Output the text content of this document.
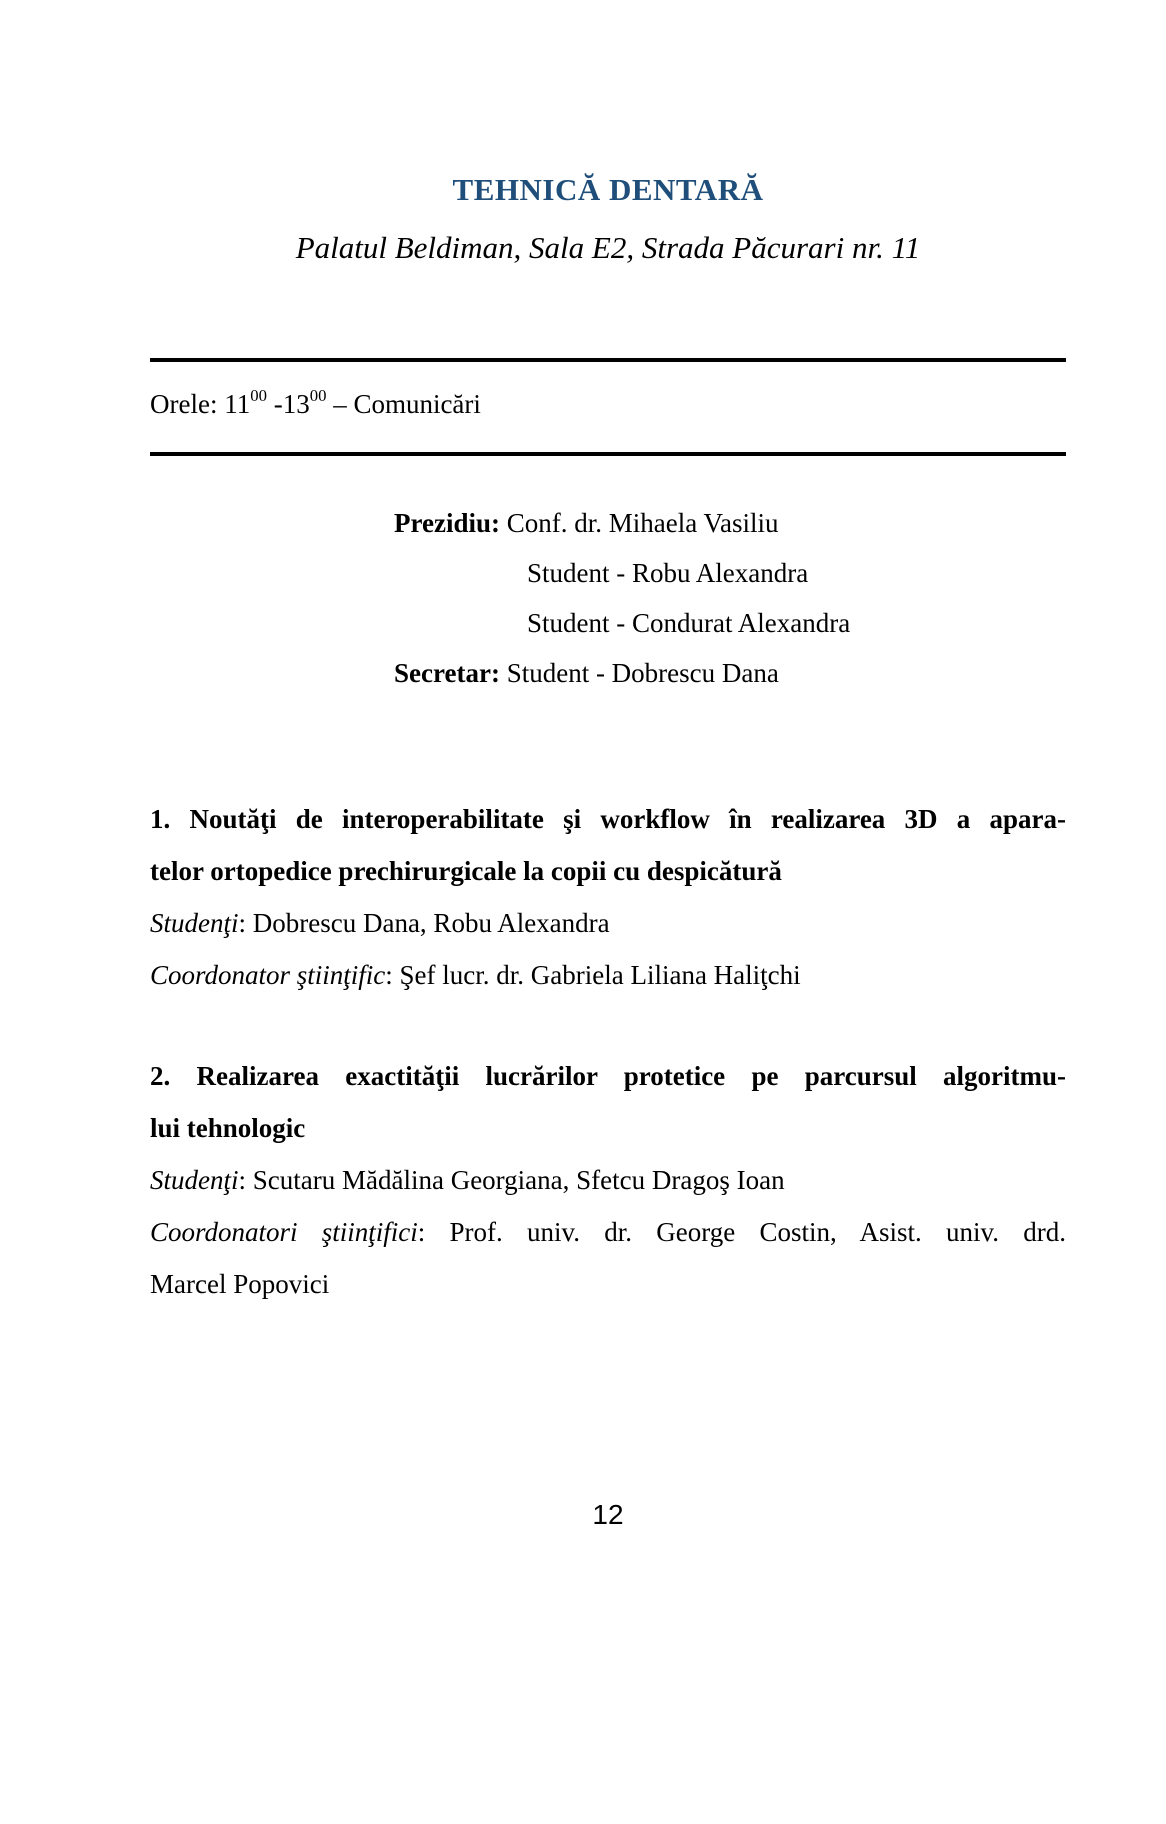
TEHNICĂ DENTARĂ
Palatul Beldiman, Sala E2, Strada Păcurari nr. 11
Orele: $11^{00}$ $-13^{00}$ – Comunicări
Prezidiu: Conf. dr. Mihaela Vasiliu
Student - Robu Alexandra
Student - Condurat Alexandra
Secretar: Student - Dobrescu Dana
1. Noutăţi de interoperabilitate şi workflow în realizarea 3D a apara-
telor ortopedice prechirurgicale la copii cu despicătură
Studenţi: Dobrescu Dana, Robu Alexandra
Coordonator ştiinţific: Şef lucr. dr. Gabriela Liliana Haliţchi
2. Realizarea exactităţii lucrărilor protetice pe parcursul algoritmu-
lui tehnologic
Studenţi: Scutaru Mădălina Georgiana, Sfetcu Dragoş Ioan
Coordonatori ştiinţifici: Prof. univ. dr. George Costin, Asist. univ. drd.
Marcel Popovici
12
